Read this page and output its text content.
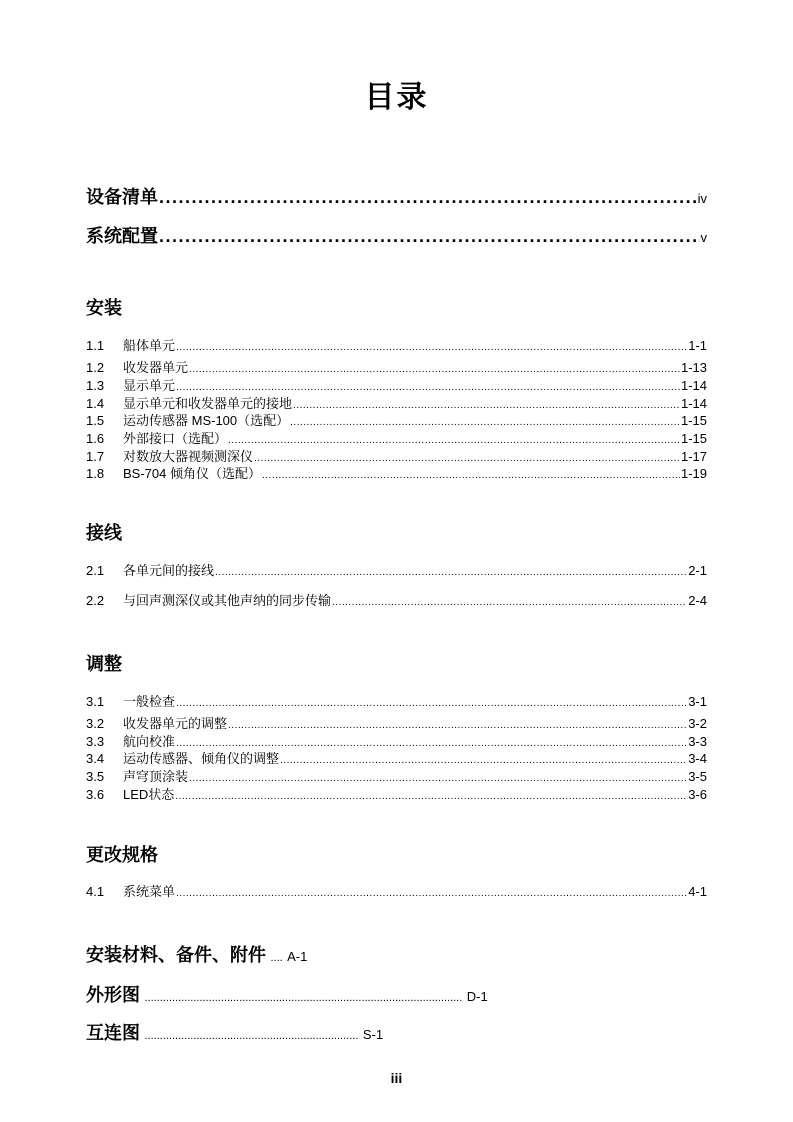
目录
设备清单 .....	iv
系统配置 .....	v
安装
1.1	船体单元 .....	1-1
1.2	收发器单元 .....	1-13
1.3	显示单元 .....	1-14
1.4	显示单元和收发器单元的接地 .....	1-14
1.5	运动传感器 MS-100（选配） .....	1-15
1.6	外部接口（选配） .....	1-15
1.7	对数放大器视频测深仪 .....	1-17
1.8	BS-704 倾角仪（选配） .....	1-19
接线
2.1	各单元间的接线 .....	2-1
2.2	与回声测深仪或其他声纳的同步传输 .....	2-4
调整
3.1	一般检查 .....	3-1
3.2	收发器单元的调整 .....	3-2
3.3	航向校准 .....	3-3
3.4	运动传感器、倾角仪的调整 .....	3-4
3.5	声穹顶涂装 .....	3-5
3.6	LED状态 .....	3-6
更改规格
4.1	系统菜单 .....	4-1
安装材料、备件、附件 .... A-1
外形图 ........................................................................................................ D-1
互连图 ...................................................................... S-1
iii
